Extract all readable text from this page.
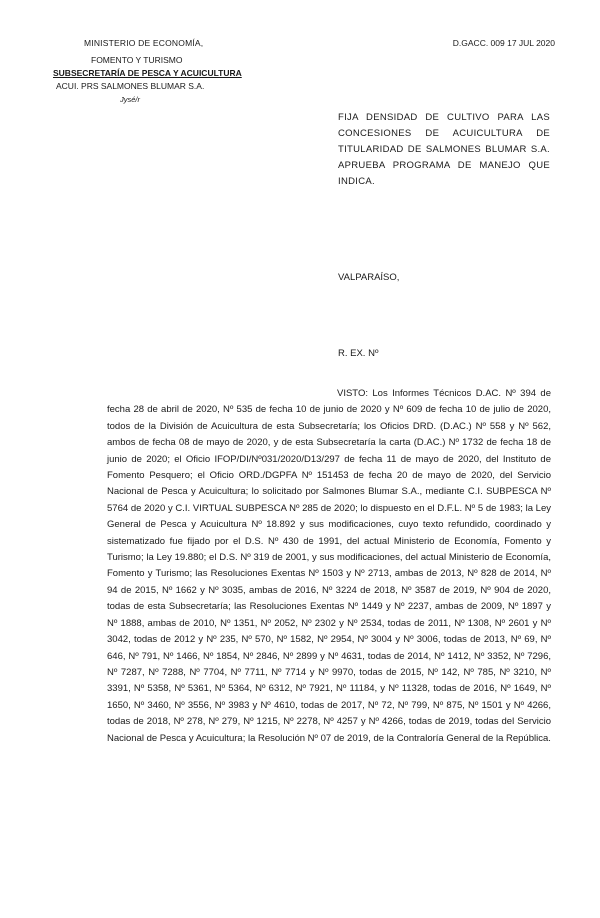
MINISTERIO DE ECONOMÍA,
FOMENTO Y TURISMO
SUBSECRETARÍA DE PESCA Y ACUICULTURA
ACUI. PRS SALMONES BLUMAR S.A.
Jysé/r
D.GACC. 009 17 JUL 2020
FIJA DENSIDAD DE CULTIVO PARA LAS CONCESIONES DE ACUICULTURA DE TITULARIDAD DE SALMONES BLUMAR S.A. APRUEBA PROGRAMA DE MANEJO QUE INDICA.
VALPARAÍSO,
R. EX. Nº

VISTO: Los Informes Técnicos D.AC. Nº 394 de fecha 28 de abril de 2020, Nº 535 de fecha 10 de junio de 2020 y Nº 609 de fecha 10 de julio de 2020, todos de la División de Acuicultura de esta Subsecretaría; los Oficios DRD. (D.AC.) Nº 558 y Nº 562, ambos de fecha 08 de mayo de 2020, y de esta Subsecretaría la carta (D.AC.) Nº 1732 de fecha 18 de junio de 2020; el Oficio IFOP/DI/Nº031/2020/D13/297 de fecha 11 de mayo de 2020, del Instituto de Fomento Pesquero; el Oficio ORD./DGPFA Nº 151453 de fecha 20 de mayo de 2020, del Servicio Nacional de Pesca y Acuicultura; lo solicitado por Salmones Blumar S.A., mediante C.I. SUBPESCA Nº 5764 de 2020 y C.I. VIRTUAL SUBPESCA Nº 285 de 2020; lo dispuesto en el D.F.L. Nº 5 de 1983; la Ley General de Pesca y Acuicultura Nº 18.892 y sus modificaciones, cuyo texto refundido, coordinado y sistematizado fue fijado por el D.S. Nº 430 de 1991, del actual Ministerio de Economía, Fomento y Turismo; la Ley 19.880; el D.S. Nº 319 de 2001, y sus modificaciones, del actual Ministerio de Economía, Fomento y Turismo; las Resoluciones Exentas Nº 1503 y Nº 2713, ambas de 2013, Nº 828 de 2014, Nº 94 de 2015, Nº 1662 y Nº 3035, ambas de 2016, Nº 3224 de 2018, Nº 3587 de 2019, Nº 904 de 2020, todas de esta Subsecretaría; las Resoluciones Exentas Nº 1449 y Nº 2237, ambas de 2009, Nº 1897 y Nº 1888, ambas de 2010, Nº 1351, Nº 2052, Nº 2302 y Nº 2534, todas de 2011, Nº 1308, Nº 2601 y Nº 3042, todas de 2012 y Nº 235, Nº 570, Nº 1582, Nº 2954, Nº 3004 y Nº 3006, todas de 2013, Nº 69, Nº 646, Nº 791, Nº 1466, Nº 1854, Nº 2846, Nº 2899 y Nº 4631, todas de 2014, Nº 1412, Nº 3352, Nº 7296, Nº 7287, Nº 7288, Nº 7704, Nº 7711, Nº 7714 y Nº 9970, todas de 2015, Nº 142, Nº 785, Nº 3210, Nº 3391, Nº 5358, Nº 5361, Nº 5364, Nº 6312, Nº 7921, Nº 11184, y Nº 11328, todas de 2016, Nº 1649, Nº 1650, Nº 3460, Nº 3556, Nº 3983 y Nº 4610, todas de 2017, Nº 72, Nº 799, Nº 875, Nº 1501 y Nº 4266, todas de 2018, Nº 278, Nº 279, Nº 1215, Nº 2278, Nº 4257 y Nº 4266, todas de 2019, todas del Servicio Nacional de Pesca y Acuicultura; la Resolución Nº 07 de 2019, de la Contraloría General de la República.
